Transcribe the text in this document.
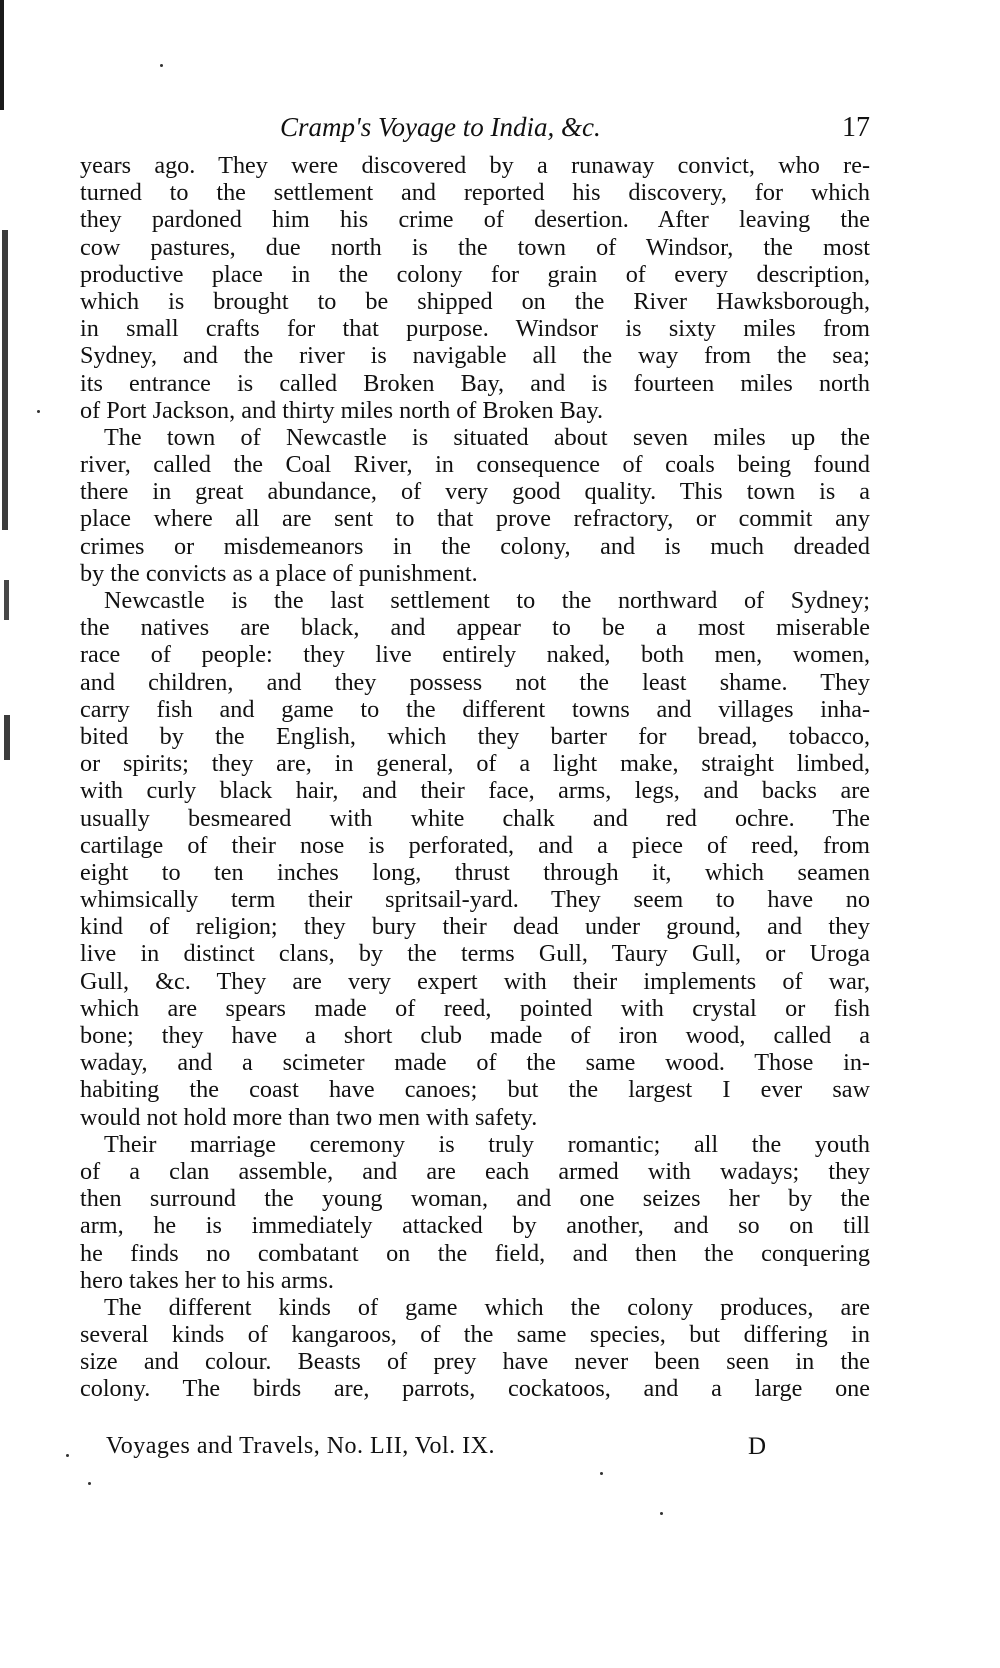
Cramp's Voyage to India, &c.	17
years ago. They were discovered by a runaway convict, who re-
turned to the settlement and reported his discovery, for which
they pardoned him his crime of desertion. After leaving the
cow pastures, due north is the town of Windsor, the most
productive place in the colony for grain of every description,
which is brought to be shipped on the River Hawksborough,
in small crafts for that purpose. Windsor is sixty miles from
Sydney, and the river is navigable all the way from the sea;
its entrance is called Broken Bay, and is fourteen miles north
of Port Jackson, and thirty miles north of Broken Bay.
The town of Newcastle is situated about seven miles up the
river, called the Coal River, in consequence of coals being found
there in great abundance, of very good quality. This town is a
place where all are sent to that prove refractory, or commit any
crimes or misdemeanors in the colony, and is much dreaded
by the convicts as a place of punishment.
Newcastle is the last settlement to the northward of Sydney;
the natives are black, and appear to be a most miserable
race of people: they live entirely naked, both men, women,
and children, and they possess not the least shame. They
carry fish and game to the different towns and villages inha-
bited by the English, which they barter for bread, tobacco,
or spirits; they are, in general, of a light make, straight limbed,
with curly black hair, and their face, arms, legs, and backs are
usually besmeared with white chalk and red ochre. The
cartilage of their nose is perforated, and a piece of reed, from
eight to ten inches long, thrust through it, which seamen
whimsically term their spritsail-yard. They seem to have no
kind of religion; they bury their dead under ground, and they
live in distinct clans, by the terms Gull, Taury Gull, or Uroga
Gull, &c. They are very expert with their implements of war,
which are spears made of reed, pointed with crystal or fish
bone; they have a short club made of iron wood, called a
waday, and a scimeter made of the same wood. Those in-
habiting the coast have canoes; but the largest I ever saw
would not hold more than two men with safety.
Their marriage ceremony is truly romantic; all the youth
of a clan assemble, and are each armed with wadays; they
then surround the young woman, and one seizes her by the
arm, he is immediately attacked by another, and so on till
he finds no combatant on the field, and then the conquering
hero takes her to his arms.
The different kinds of game which the colony produces, are
several kinds of kangaroos, of the same species, but differing in
size and colour. Beasts of prey have never been seen in the
colony. The birds are, parrots, cockatoos, and a large one
Voyages and Travels, No. LII, Vol. IX.	D
